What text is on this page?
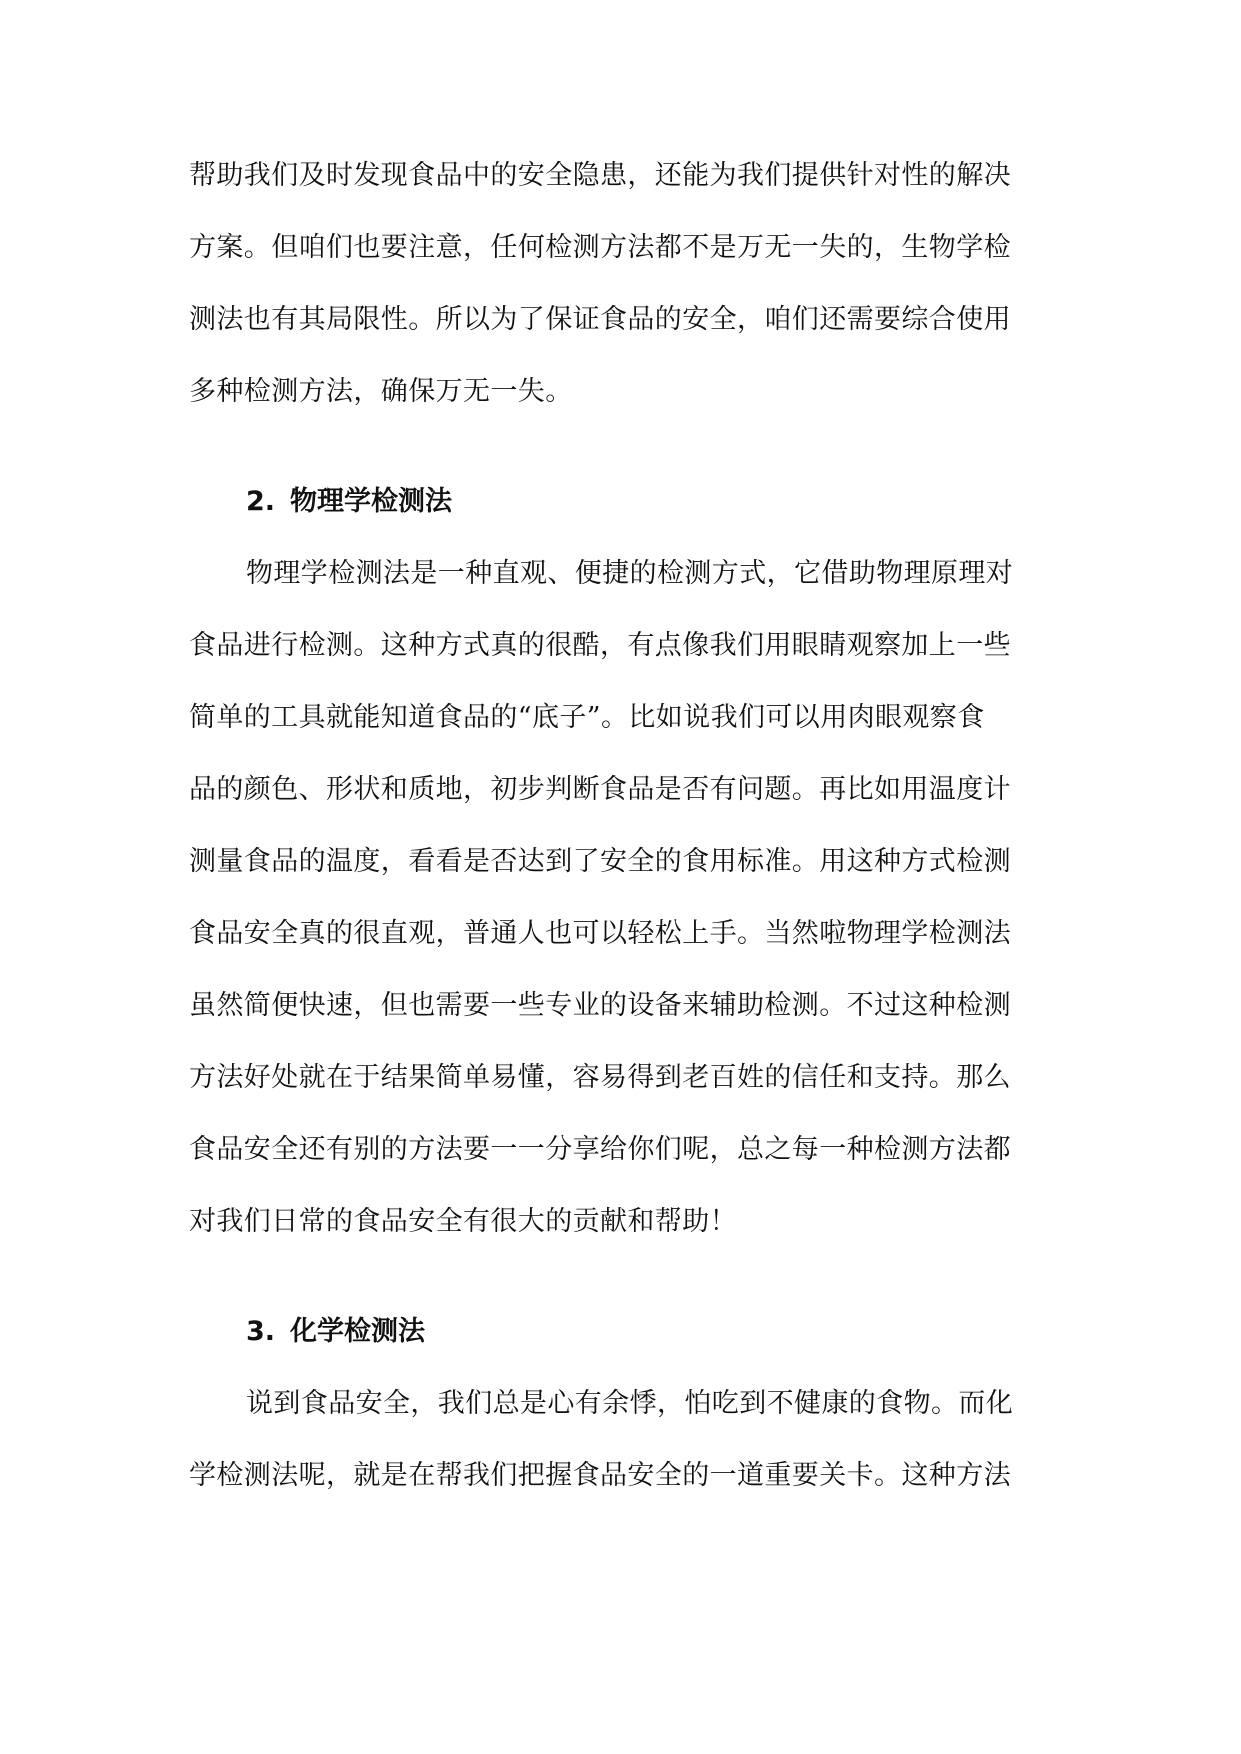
帮助我们及时发现食品中的安全隐患，还能为我们提供针对性的解决
方案。但咱们也要注意，任何检测方法都不是万无一失的，生物学检
测法也有其局限性。所以为了保证食品的安全，咱们还需要综合使用
多种检测方法，确保万无一失。
2. 物理学检测法
物理学检测法是一种直观、便捷的检测方式，它借助物理原理对
食品进行检测。这种方式真的很酷，有点像我们用眼睛观察加上一些
简单的工具就能知道食品的“底子”。比如说我们可以用肉眼观察食
品的颜色、形状和质地，初步判断食品是否有问题。再比如用温度计
测量食品的温度，看看是否达到了安全的食用标准。用这种方式检测
食品安全真的很直观，普通人也可以轻松上手。当然啦物理学检测法
虽然简便快速，但也需要一些专业的设备来辅助检测。不过这种检测
方法好处就在于结果简单易懂，容易得到老百姓的信任和支持。那么
食品安全还有别的方法要一一分享给你们呢，总之每一种检测方法都
对我们日常的食品安全有很大的贡献和帮助！
3. 化学检测法
说到食品安全，我们总是心有余悸，怕吃到不健康的食物。而化
学检测法呢，就是在帮我们把握食品安全的一道重要关卡。这种方法
